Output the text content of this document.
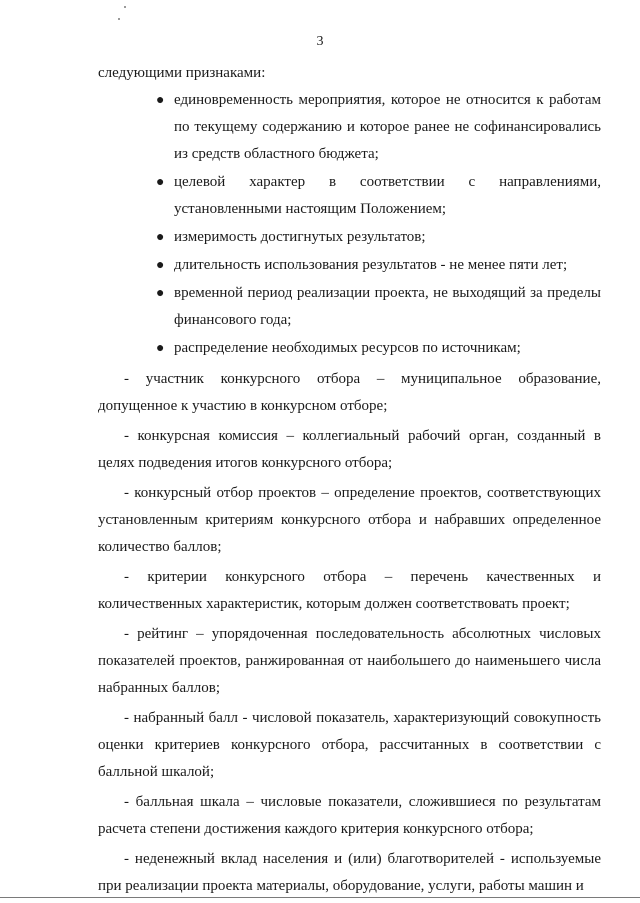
3

следующими признаками:

● единовременность мероприятия, которое не относится к работам по текущему содержанию и которое ранее не софинансировались из средств областного бюджета;
● целевой характер в соответствии с направлениями, установленными настоящим Положением;
● измеримость достигнутых результатов;
● длительность использования результатов - не менее пяти лет;
● временной период реализации проекта, не выходящий за пределы финансового года;
● распределение необходимых ресурсов по источникам;

- участник конкурсного отбора – муниципальное образование, допущенное к участию в конкурсном отборе;

- конкурсная комиссия – коллегиальный рабочий орган, созданный в целях подведения итогов конкурсного отбора;

- конкурсный отбор проектов – определение проектов, соответствующих установленным критериям конкурсного отбора и набравших определенное количество баллов;

- критерии конкурсного отбора – перечень качественных и количественных характеристик, которым должен соответствовать проект;

- рейтинг – упорядоченная последовательность абсолютных числовых показателей проектов, ранжированная от наибольшего до наименьшего числа набранных баллов;

- набранный балл - числовой показатель, характеризующий совокупность оценки критериев конкурсного отбора, рассчитанных в соответствии с балльной шкалой;

- балльная шкала – числовые показатели, сложившиеся по результатам расчета степени достижения каждого критерия конкурсного отбора;

- неденежный вклад населения и (или) благотворителей - используемые при реализации проекта материалы, оборудование, услуги, работы машин и
